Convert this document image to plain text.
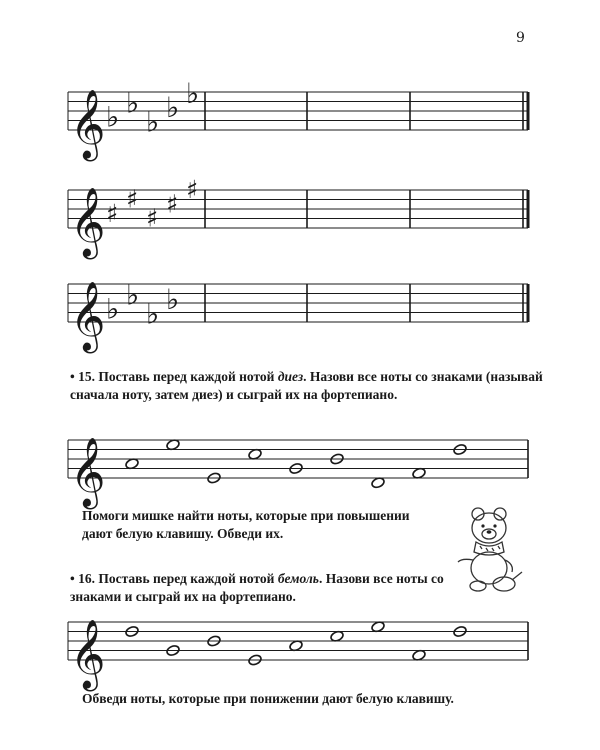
9
𝄞 ♭ ♭
♭ ♭ ♭
𝄞 ♯ ♯
♯ ♯ ♯
𝄞 ♭ ♭
♭ ♭
• 15. Поставь перед каждой нотой диез. Назови все ноты со знаками (называй сначала ноту, затем диез) и сыграй их на фортепиано.
𝄞
Помоги мишке найти ноты, которые при повышении дают белую клавишу. Обведи их.
• 16. Поставь перед каждой нотой бемоль. Назови все ноты со знаками и сыграй их на фортепиано.
𝄞
Обведи ноты, которые при понижении дают белую клавишу.
